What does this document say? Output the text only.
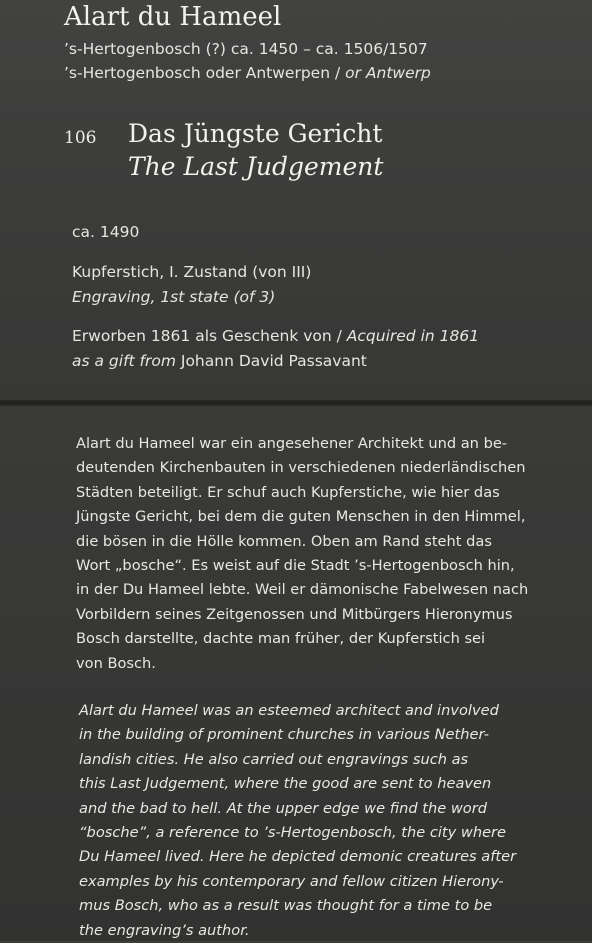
Alart du Hameel
’s-Hertogenbosch (?) ca. 1450 – ca. 1506/1507
’s-Hertogenbosch oder Antwerpen / or Antwerp
106 Das Jüngste Gericht
The Last Judgement
ca. 1490
Kupferstich, I. Zustand (von III)
Engraving, 1st state (of 3)
Erworben 1861 als Geschenk von / Acquired in 1861
as a gift from Johann David Passavant

Alart du Hameel war ein angesehener Architekt und an be-
deutenden Kirchenbauten in verschiedenen niederländischen
Städten beteiligt. Er schuf auch Kupferstiche, wie hier das
Jüngste Gericht, bei dem die guten Menschen in den Himmel,
die bösen in die Hölle kommen. Oben am Rand steht das
Wort „bosche“. Es weist auf die Stadt ’s-Hertogenbosch hin,
in der Du Hameel lebte. Weil er dämonische Fabelwesen nach
Vorbildern seines Zeitgenossen und Mitbürgers Hieronymus
Bosch darstellte, dachte man früher, der Kupferstich sei
von Bosch.

Alart du Hameel was an esteemed architect and involved
in the building of prominent churches in various Nether-
landish cities. He also carried out engravings such as
this Last Judgement, where the good are sent to heaven
and the bad to hell. At the upper edge we find the word
“bosche”, a reference to ’s-Hertogenbosch, the city where
Du Hameel lived. Here he depicted demonic creatures after
examples by his contemporary and fellow citizen Hierony-
mus Bosch, who as a result was thought for a time to be
the engraving’s author.
